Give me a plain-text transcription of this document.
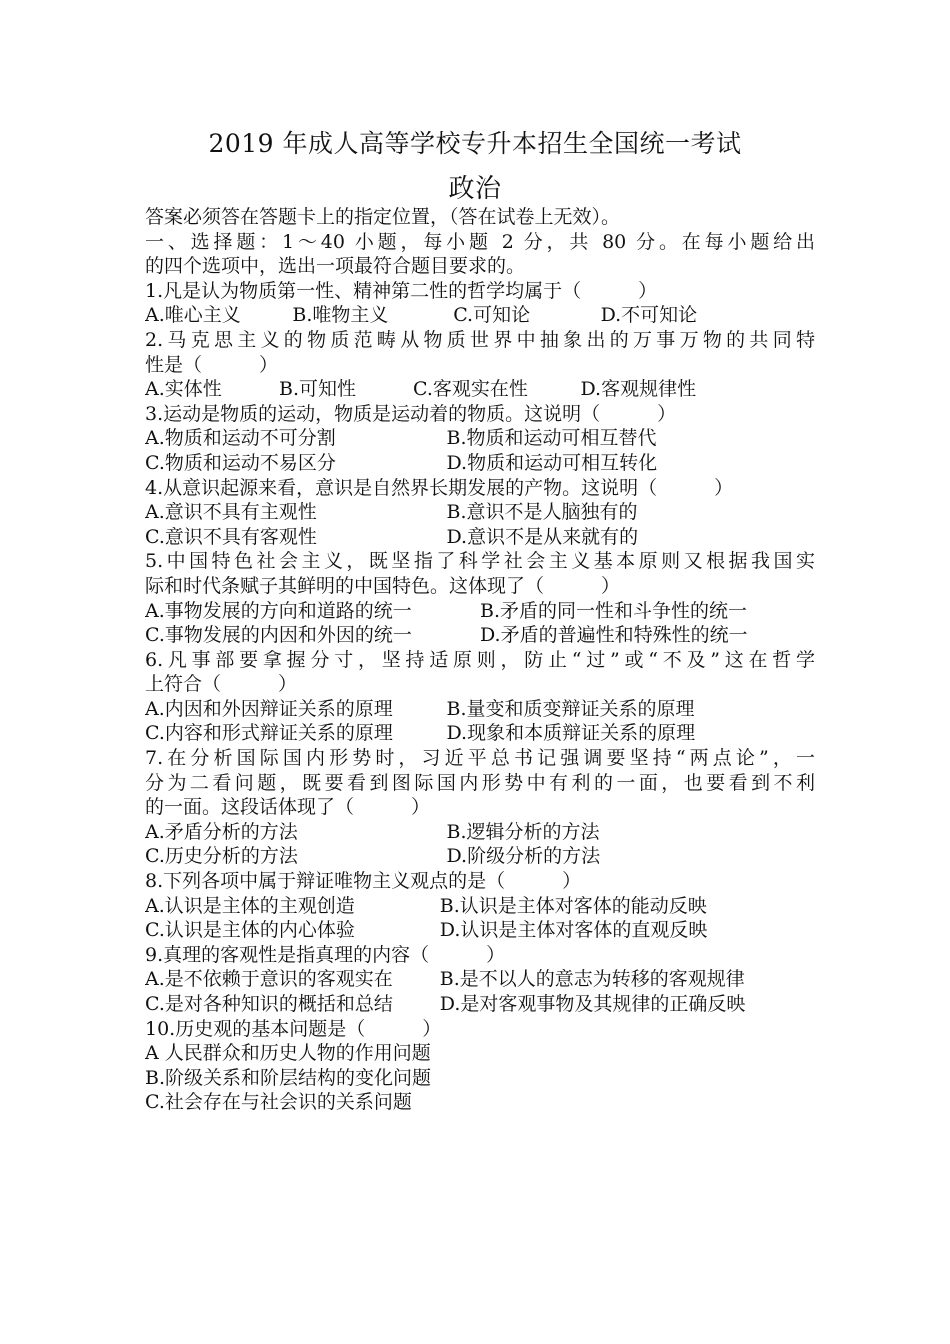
2019 年成人高等学校专升本招生全国统一考试
政治
答案必须答在答题卡上的指定位置，（答在试卷上无效）。
一、选择题：1～40 小题，每小题 2 分，共 80 分。在每小题给出
的四个选项中，选出一项最符合题目要求的。
1.凡是认为物质第一性、精神第二性的哲学均属于（　　　）
A.唯心主义	B.唯物主义	C.可知论	D.不可知论
2.马克思主义的物质范畴从物质世界中抽象出的万事万物的共同特
性是（　　　）
A.实体性	B.可知性	C.客观实在性	D.客观规律性
3.运动是物质的运动，物质是运动着的物质。这说明（　　　）
A.物质和运动不可分割	B.物质和运动可相互替代
C.物质和运动不易区分	D.物质和运动可相互转化
4.从意识起源来看，意识是自然界长期发展的产物。这说明（　　　）
A.意识不具有主观性	B.意识不是人脑独有的
C.意识不具有客观性	D.意识不是从来就有的
5.中国特色社会主义，既坚指了科学社会主义基本原则又根据我国实
际和时代条赋子其鲜明的中国特色。这体现了（　　　）
A.事物发展的方向和道路的统一	B.矛盾的同一性和斗争性的统一
C.事物发展的内因和外因的统一	D.矛盾的普遍性和特殊性的统一
6.凡事部要拿握分寸，坚持适原则，防止“过”或“不及”这在哲学
上符合（　　　）
A.内因和外因辩证关系的原理	B.量变和质变辩证关系的原理
C.内容和形式辩证关系的原理	D.现象和本质辩证关系的原理
7.在分析国际国内形势时，习近平总书记强调要坚持“两点论”，一
分为二看问题，既要看到图际国内形势中有利的一面，也要看到不利
的一面。这段话体现了（　　　）
A.矛盾分析的方法	B.逻辑分析的方法
C.历史分析的方法	D.阶级分析的方法
8.下列各项中属于辩证唯物主义观点的是（　　　）
A.认识是主体的主观创造	B.认识是主体对客体的能动反映
C.认识是主体的内心体验	D.认识是主体对客体的直观反映
9.真理的客观性是指真理的内容（　　　）
A.是不依赖于意识的客观实在 B.是不以人的意志为转移的客观规律
C.是对各种知识的概括和总结 D.是对客观事物及其规律的正确反映
10.历史观的基本问题是（　　　）
A 人民群众和历史人物的作用问题
B.阶级关系和阶层结构的变化问题
C.社会存在与社会识的关系问题
